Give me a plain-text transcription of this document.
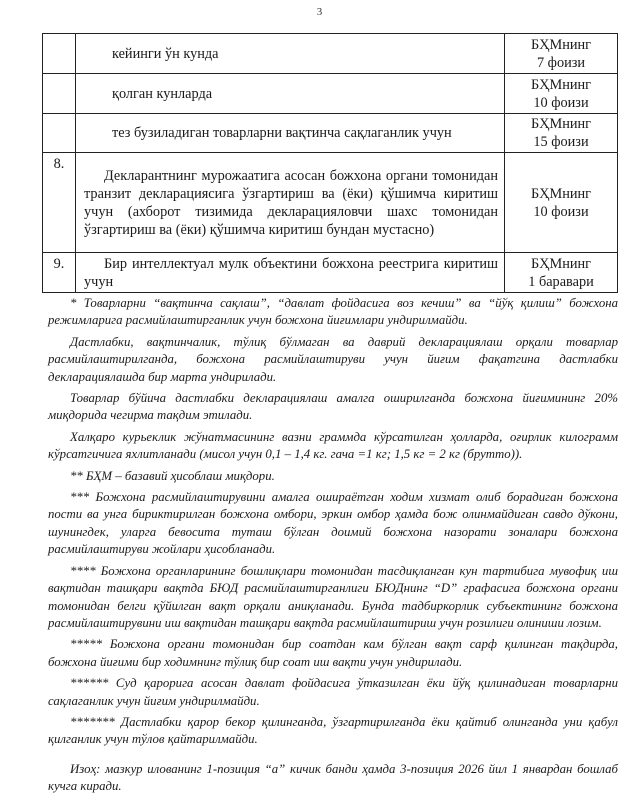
3
	кейинги ўн кунда	БҲМнинг
7 фоизи

	қолган кунларда	БҲМнинг
10 фоизи

	тез бузиладиган товарларни вақтинча сақлаганлик учун	БҲМнинг
15 фоизи

8.	Декларантнинг мурожаатига асосан божхона органи томонидан транзит декларациясига ўзгартириш ва (ёки) қўшимча киритиш учун (ахборот тизимида декларацияловчи шахс томонидан ўзгартириш ва (ёки) қўшимча киритиш бундан мустасно)	БҲМнинг
10 фоизи

9.	Бир интеллектуал мулк объектини божхона реестрига киритиш учун	БҲМнинг
1 баравари

* Товарларни “вақтинча сақлаш”, “давлат фойдасига воз кечиш” ва “йўқ қилиш” божхона режимларига расмийлаштирганлик учун божхона йиғимлари ундирилмайди.

Дастлабки, вақтинчалик, тўлиқ бўлмаган ва даврий декларациялаш орқали товарлар расмийлаштирилганда, божхона расмийлаштируви учун йиғим фақатгина дастлабки декларациялашда бир марта ундирилади.

Товарлар бўйича дастлабки декларациялаш амалга оширилганда божхона йиғимининг 20% миқдорида чегирма тақдим этилади.

Халқаро курьеклик жўнатмасининг вазни граммда кўрсатилган ҳолларда, оғирлик килограмм кўрсатгичига яхлитланади (мисол учун 0,1 – 1,4 кг. гача =1 кг; 1,5 кг = 2 кг (брутто)).

** БҲМ – базавий ҳисоблаш миқдори.

*** Божхона расмийлаштирувини амалга ошираётган ходим хизмат олиб борадиган божхона пости ва унга бириктирилган божхона омбори, эркин омбор ҳамда бож олинмайдиган савдо дўкони, шунингдек, уларга бевосита туташ бўлган доимий божхона назорати зоналари божхона расмийлаштируви жойлари ҳисобланади.

**** Божхона органларининг бошлиқлари томонидан тасдиқланган кун тартибига мувофиқ иш вақтидан ташқари вақтда БЮД расмийлаштирганлиги БЮДнинг “D” графасига божхона органи томонидан белги қўйилган вақт орқали аниқланади. Бунда тадбиркорлик субъектининг божхона расмийлаштирувини иш вақтидан ташқари вақтда расмийлаштириш учун розилиги олиниши лозим.

***** Божхона органи томонидан бир соатдан кам бўлган вақт сарф қилинган тақдирда, божхона йиғими бир ходимнинг тўлиқ бир соат иш вақти учун ундирилади.

****** Суд қарорига асосан давлат фойдасига ўтказилган ёки йўқ қилинадиган товарларни сақлаганлик учун йиғим ундирилмайди.

******* Дастлабки қарор бекор қилинганда, ўзгартирилганда ёки қайтиб олинганда уни қабул қилганлик учун тўлов қайтарилмайди.

Изоҳ: мазкур илованинг 1-позиция “а” кичик банди ҳамда 3-позиция 2026 йил 1 январдан бошлаб кучга киради.
